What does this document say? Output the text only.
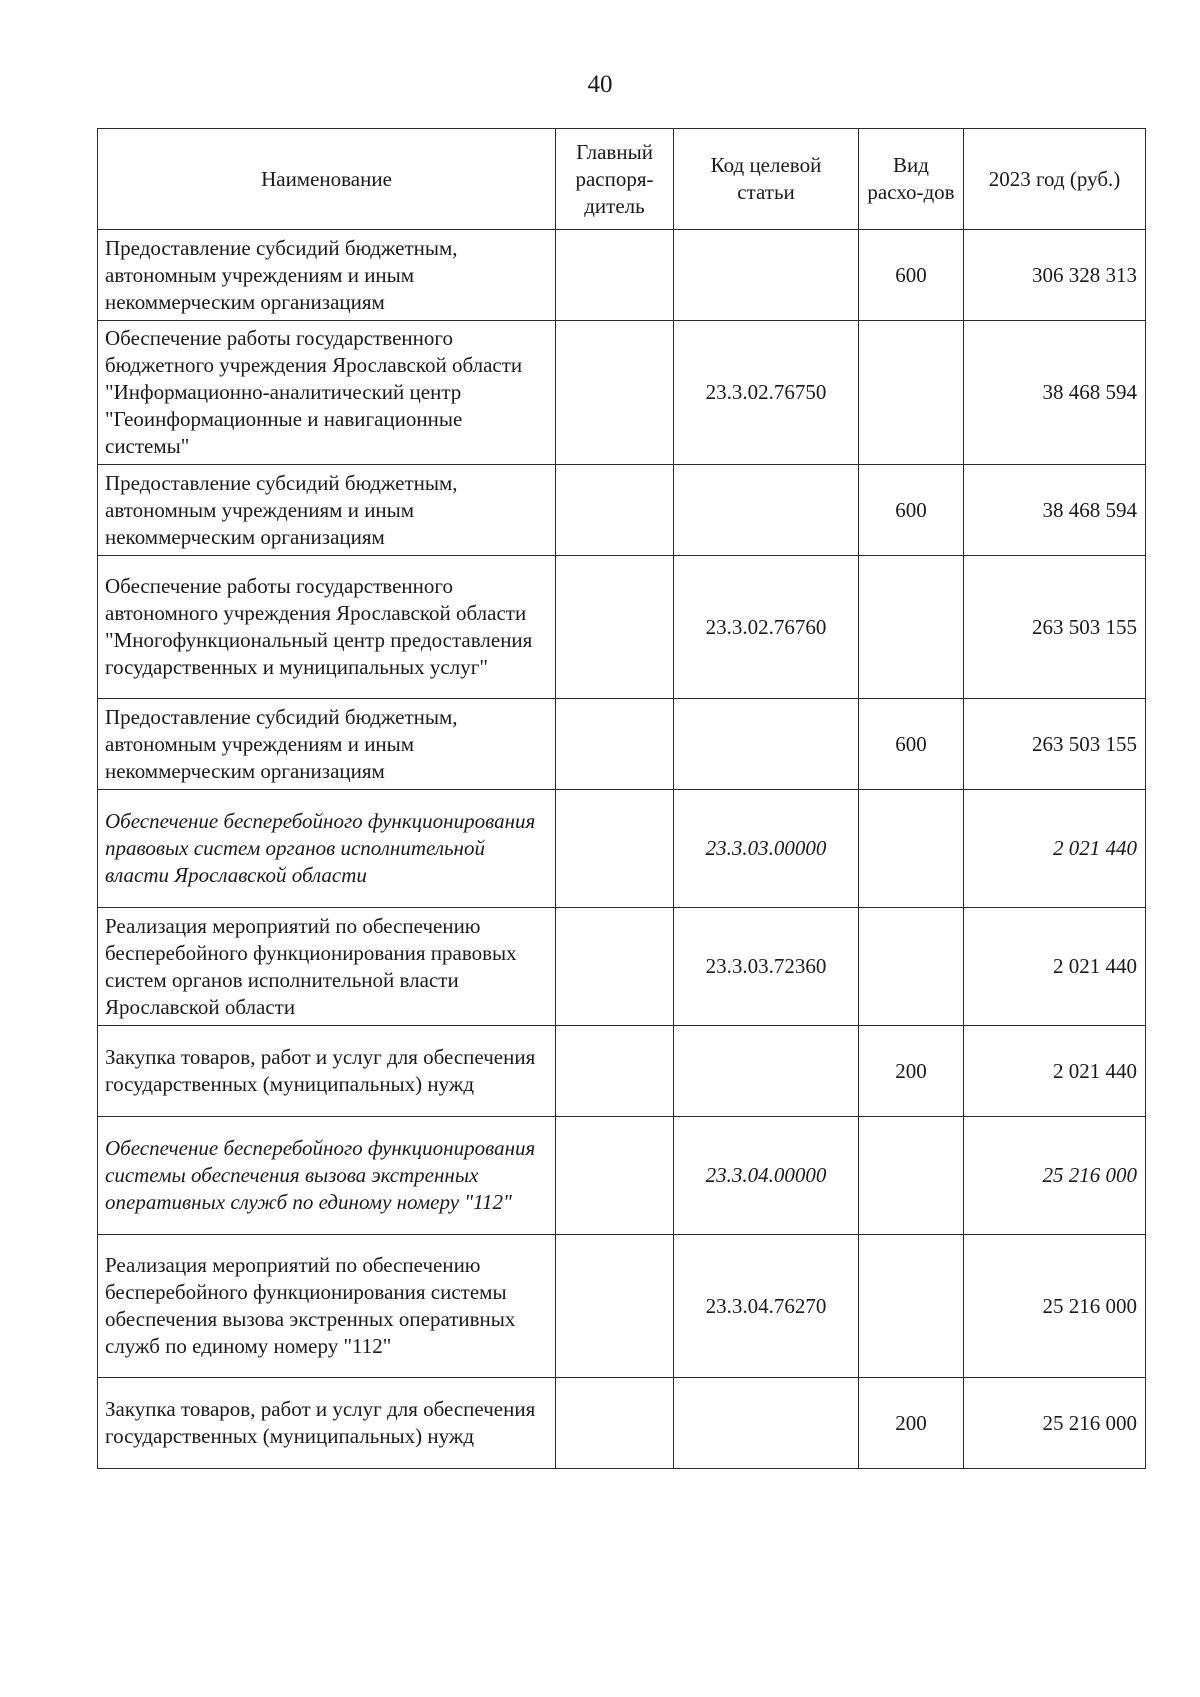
40
Наименование	Главный распоря-дитель	Код целевой статьи	Вид расхо-дов	2023 год (руб.)
Предоставление субсидий бюджетным, автономным учреждениям и иным некоммерческим организациям			600	306 328 313
Обеспечение работы государственного бюджетного учреждения Ярославской области "Информационно-аналитический центр "Геоинформационные и навигационные системы"		23.3.02.76750		38 468 594
Предоставление субсидий бюджетным, автономным учреждениям и иным некоммерческим организациям			600	38 468 594
Обеспечение работы государственного автономного учреждения Ярославской области "Многофункциональный центр предоставления государственных и муниципальных услуг"		23.3.02.76760		263 503 155
Предоставление субсидий бюджетным, автономным учреждениям и иным некоммерческим организациям			600	263 503 155
Обеспечение бесперебойного функционирования правовых систем органов исполнительной власти Ярославской области		23.3.03.00000		2 021 440
Реализация мероприятий по обеспечению бесперебойного функционирования правовых систем органов исполнительной власти Ярославской области		23.3.03.72360		2 021 440
Закупка товаров, работ и услуг для обеспечения государственных (муниципальных) нужд			200	2 021 440
Обеспечение бесперебойного функционирования системы обеспечения вызова экстренных оперативных служб по единому номеру "112"		23.3.04.00000		25 216 000
Реализация мероприятий по обеспечению бесперебойного функционирования системы обеспечения вызова экстренных оперативных служб по единому номеру "112"		23.3.04.76270		25 216 000
Закупка товаров, работ и услуг для обеспечения государственных (муниципальных) нужд			200	25 216 000
